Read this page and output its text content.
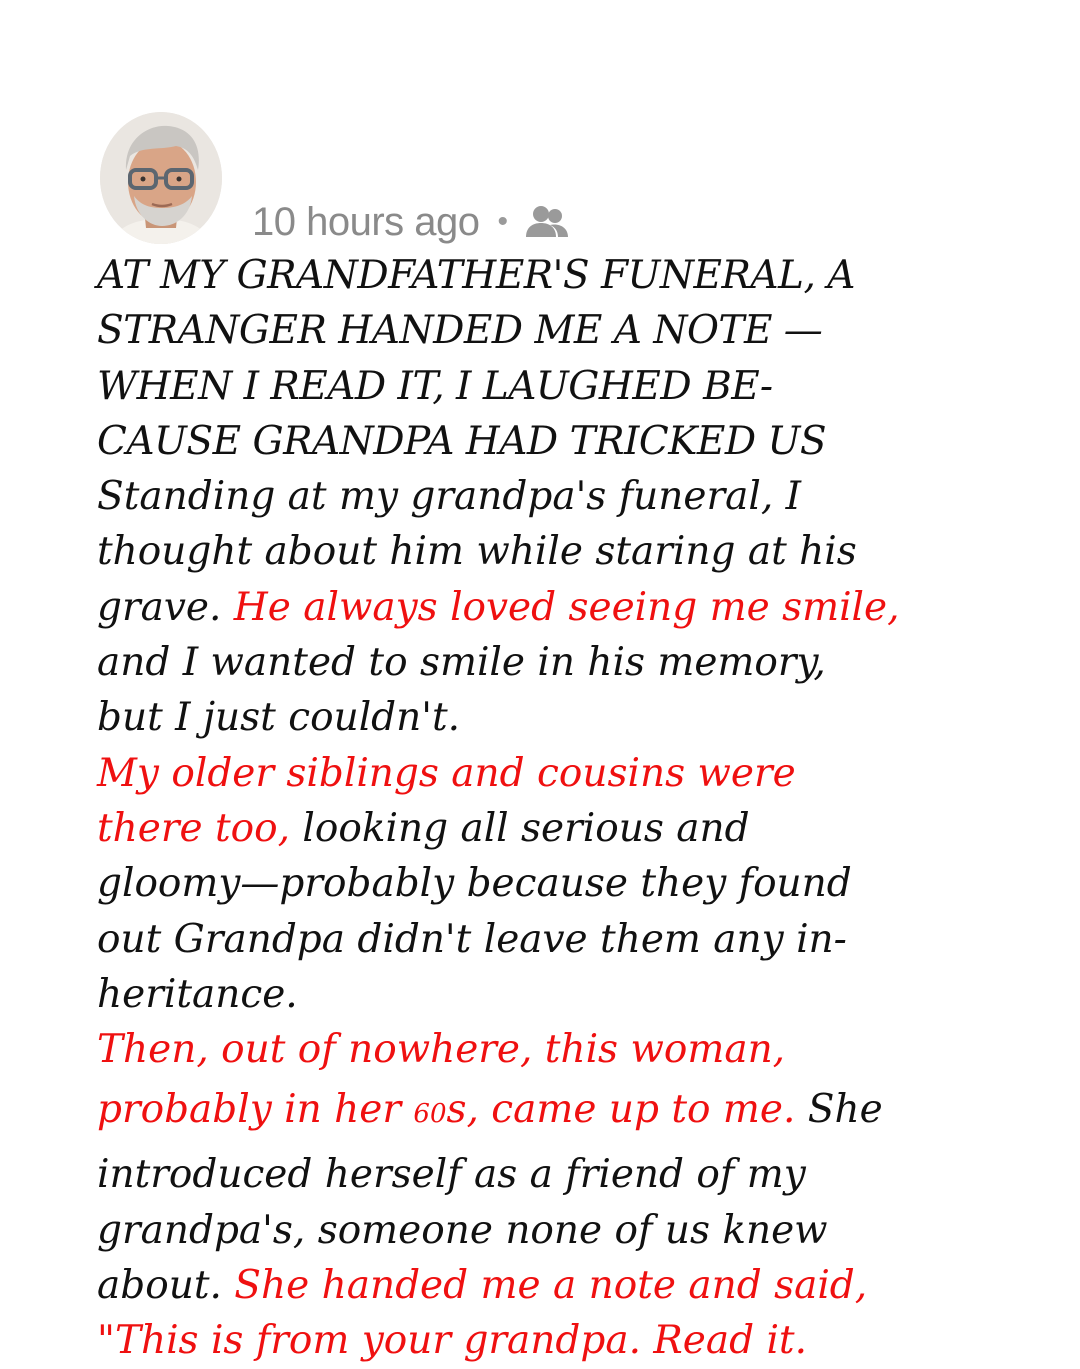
10 hours ago •

AT MY GRANDFATHER'S FUNERAL, A
STRANGER HANDED ME A NOTE —
WHEN I READ IT, I LAUGHED BE-
CAUSE GRANDPA HAD TRICKED US

Standing at my grandpa's funeral, I
thought about him while staring at his
grave. He always loved seeing me smile,
and I wanted to smile in his memory,
but I just couldn't.

My older siblings and cousins were
there too, looking all serious and
gloomy—probably because they found
out Grandpa didn't leave them any in-
heritance.

Then, out of nowhere, this woman,
probably in her 60s, came up to me. She
introduced herself as a friend of my
grandpa's, someone none of us knew
about. She handed me a note and said,
"This is from your grandpa. Read it.
